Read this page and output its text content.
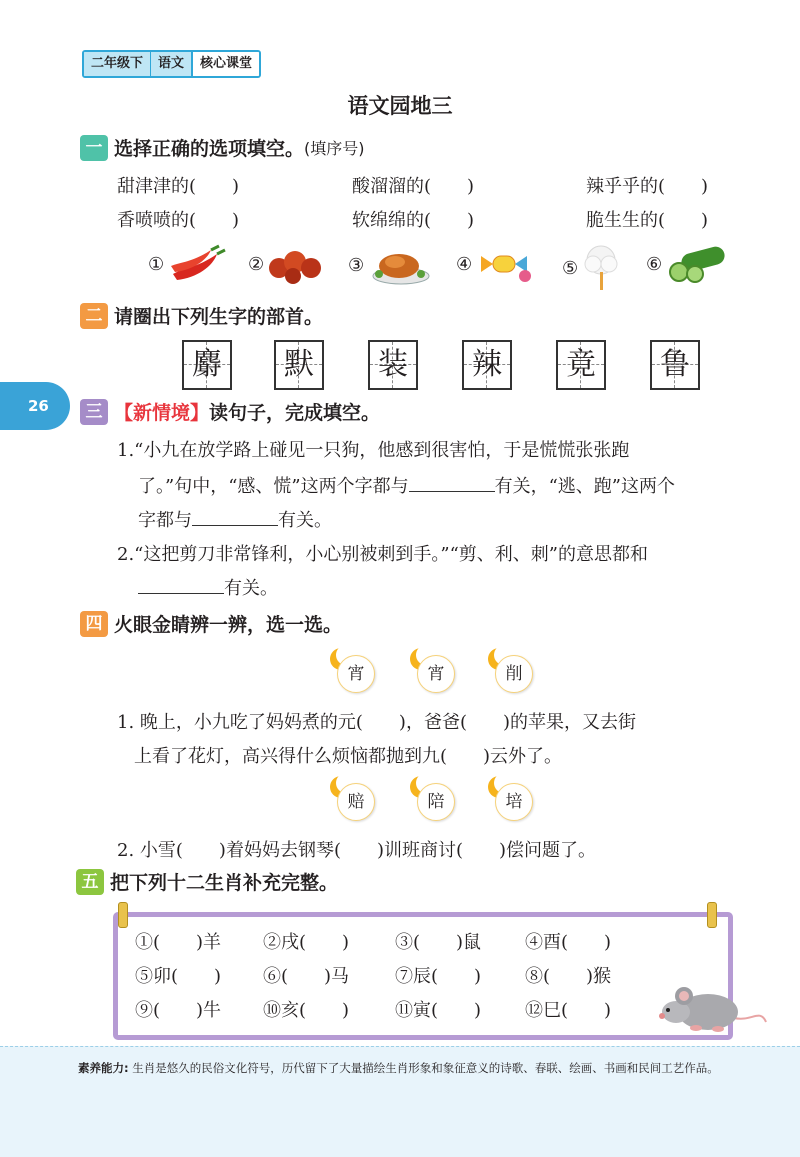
二年级下	语文	核心课堂
语文园地三
26
一 选择正确的选项填空。 (填序号)
甜津津的(　　)	酸溜溜的(　　)	辣乎乎的(　　)
香喷喷的(　　)	软绵绵的(　　)	脆生生的(　　)
①	②	③	④	⑤	⑥
二 请圈出下列生字的部首。
麝 默 装 辣 竟 鲁
三 【新情境】 读句子，完成填空。
1.“小九在放学路上碰见一只狗，他感到很害怕，于是慌慌张张跑
了。”句中，“感、慌”这两个字都与	有关，“逃、跑”这两个
字都与	有关。
2.“这把剪刀非常锋利，小心别被刺到手。”“剪、利、刺”的意思都和
有关。
四 火眼金睛辨一辨，选一选。
宵	宵	削
1. 晚上，小九吃了妈妈煮的元(　　)，爸爸(　　)的苹果，又去街
上看了花灯，高兴得什么烦恼都抛到九(　　)云外了。
赔	陪	培
2. 小雪(　　)着妈妈去钢琴(　　)训班商讨(　　)偿问题了。
五 把下列十二生肖补充完整。
①(　　)羊 ②戌(　　)	③(　　)鼠 ④酉(　　)
⑤卯(　　) ⑥(　　)马	⑦辰(　　) ⑧(　　)猴
⑨(　　)牛 ⑩亥(　　)	⑪寅(　　) ⑫巳(　　)
素养能力: 生肖是悠久的民俗文化符号，历代留下了大量描绘生肖形象和象征意义的诗歌、春联、绘画、书画和民间工艺作品。
